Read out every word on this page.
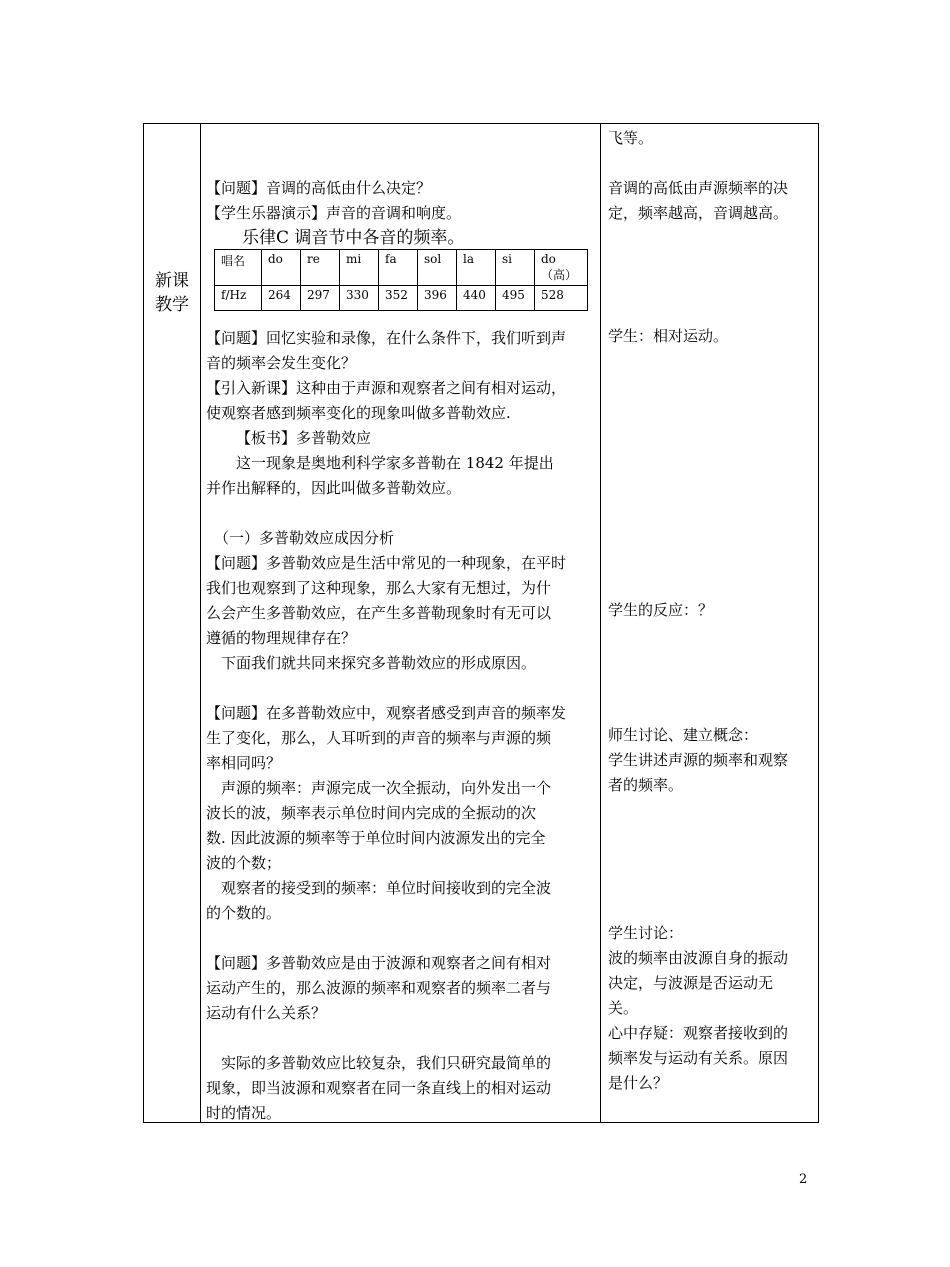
新课
教学

【问题】音调的高低由什么决定？

【学生乐器演示】声音的音调和响度。

乐律C 调音节中各音的频率。
唱名	do	re	mi	fa	sol	la	si	do
（高）

f/Hz	264	297	330	352	396	440	495	528

【问题】回忆实验和录像，在什么条件下，我们听到声

音的频率会发生变化？

【引入新课】这种由于声源和观察者之间有相对运动，

使观察者感到频率变化的现象叫做多普勒效应.

【板书】多普勒效应

这一现象是奥地利科学家多普勒在 1842 年提出

并作出解释的，因此叫做多普勒效应。

（一）多普勒效应成因分析

【问题】多普勒效应是生活中常见的一种现象，在平时

我们也观察到了这种现象，那么大家有无想过，为什

么会产生多普勒效应，在产生多普勒现象时有无可以

遵循的物理规律存在？

下面我们就共同来探究多普勒效应的形成原因。

【问题】在多普勒效应中，观察者感受到声音的频率发

生了变化，那么，人耳听到的声音的频率与声源的频

率相同吗？

声源的频率：声源完成一次全振动，向外发出一个

波长的波，频率表示单位时间内完成的全振动的次

数. 因此波源的频率等于单位时间内波源发出的完全

波的个数；

观察者的接受到的频率：单位时间接收到的完全波

的个数的。

【问题】多普勒效应是由于波源和观察者之间有相对

运动产生的，那么波源的频率和观察者的频率二者与

运动有什么关系？

实际的多普勒效应比较复杂，我们只研究最简单的

现象，即当波源和观察者在同一条直线上的相对运动

时的情况。

飞等。

音调的高低由声源频率的决

定，频率越高，音调越高。

学生：相对运动。

学生的反应：？

师生讨论、建立概念：

学生讲述声源的频率和观察

者的频率。

学生讨论：

波的频率由波源自身的振动

决定，与波源是否运动无

关。

心中存疑：观察者接收到的

频率发与运动有关系。原因

是什么？

2
